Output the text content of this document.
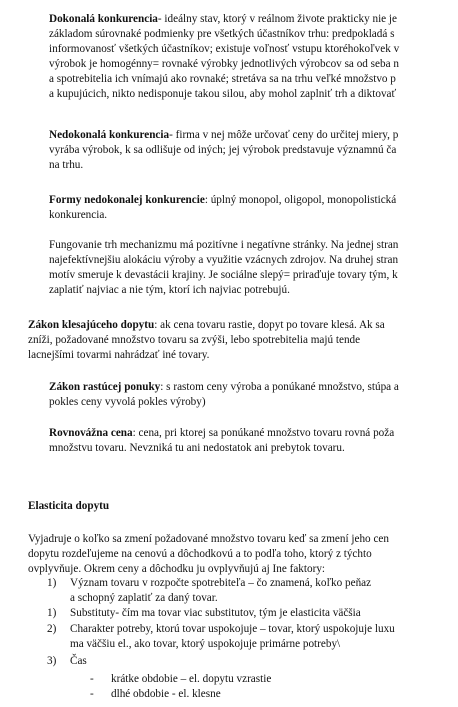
Dokonalá konkurencia- ideálny stav, ktorý v reálnom živote prakticky nie je
základom súrovnaké podmienky pre všetkých účastníkov trhu: predpokladá s
informovanosť všetkých účastníkov; existuje voľnosť vstupu ktoréhokoľvek v
výrobok je homogénny= rovnaké výrobky jednotlivých výrobcov sa od seba n
a spotrebitelia ich vnímajú ako rovnaké; stretáva sa na trhu veľké množstvo p
a kupujúcich, nikto nedisponuje takou silou, aby mohol zaplniť trh a diktovať
Nedokonalá konkurencia- firma v nej môže určovať ceny do určitej miery, p
vyrába výrobok, k sa odlišuje od iných; jej výrobok predstavuje významnú ča
na trhu.
Formy nedokonalej konkurencie: úplný monopol, oligopol, monopolistická
konkurencia.
Fungovanie trh mechanizmu má pozitívne i negatívne stránky. Na jednej stran
najefektívnejšiu alokáciu výroby a využitie vzácnych zdrojov. Na druhej stran
motív smeruje k devastácii krajiny. Je sociálne slepý= priraďuje tovary tým, k
zaplatiť najviac a nie tým, ktorí ich najviac potrebujú.
Zákon klesajúceho dopytu: ak cena tovaru rastie, dopyt po tovare klesá. Ak sa
zníži, požadované množstvo tovaru sa zvýši, lebo spotrebitelia majú tende
lacnejšími tovarmi nahrádzať iné tovary.
Zákon rastúcej ponuky: s rastom ceny výroba a ponúkané množstvo, stúpa a
pokles ceny vyvolá pokles výroby)
Rovnovážna cena: cena, pri ktorej sa ponúkané množstvo tovaru rovná poža
množstvu tovaru. Nevzniká tu ani nedostatok ani prebytok tovaru.
Elasticita dopytu
Vyjadruje o koľko sa zmení požadované množstvo tovaru keď sa zmení jeho cen
dopytu rozdeľujeme na cenovú a dôchodkovú a to podľa toho, ktorý z týchto
ovplyvňuje. Okrem ceny a dôchodku ju ovplyvňujú aj Ine faktory:
1) Význam tovaru v rozpočte spotrebiteľa – čo znamená, koľko peňaz
a schopný zaplatiť za daný tovar.
1) Substituty- čím ma tovar viac substitutov, tým je elasticita väčšia
2) Charakter potreby, ktorú tovar uspokojuje – tovar, ktorý uspokojuje luxu
ma väčšiu el., ako tovar, ktorý uspokojuje primárne potreby\
3) Čas
- krátke obdobie – el. dopytu vzrastie
- dlhé obdobie - el. klesne
